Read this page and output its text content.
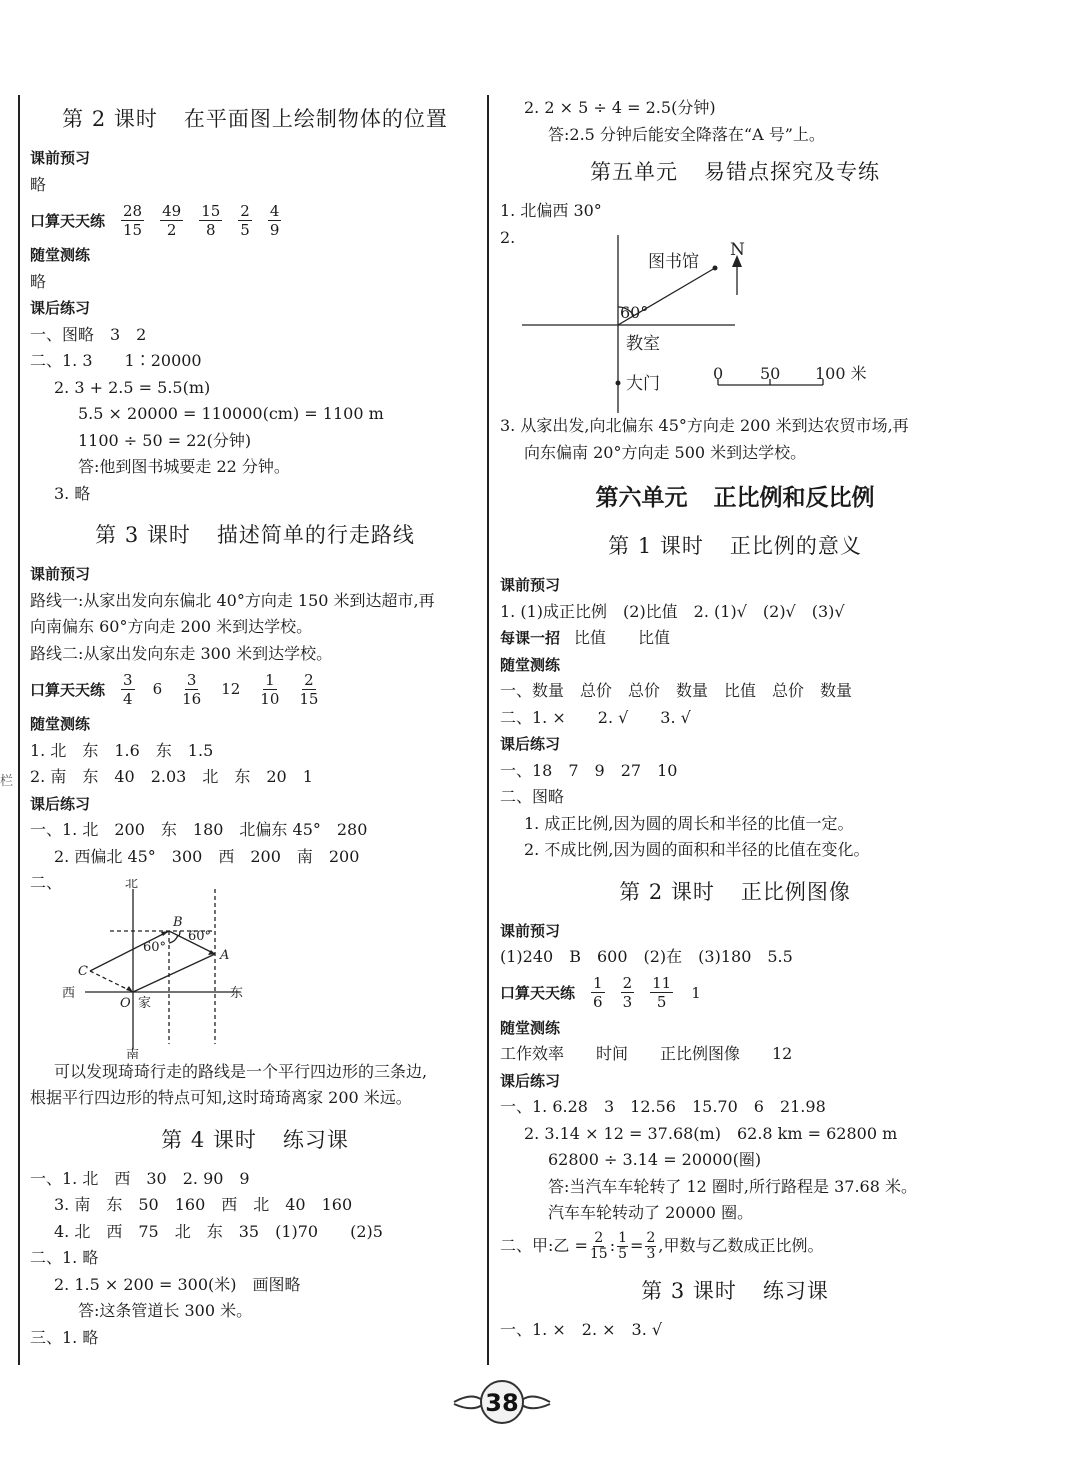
栏
第 2 课时 在平面图上绘制物体的位置
课前预习
略
口算天天练 $\frac{28}{15} \frac{49}{2} \frac{15}{8} \frac{2}{5} \frac{4}{9}$
随堂测练
略
课后练习
一、图略　3　2
二、1. 3　　1∶20000
2. 3 + 2.5 = 5.5(m)
5.5 × 20000 = 110000(cm) = 1100 m
1100 ÷ 50 = 22(分钟)
答:他到图书城要走 22 分钟。
3. 略
第 3 课时 描述简单的行走路线
课前预习
路线一:从家出发向东偏北 40°方向走 150 米到达超市,再
向南偏东 60°方向走 200 米到达学校。
路线二:从家出发向东走 300 米到达学校。
口算天天练 $\frac{3}{4} 6 \frac{3}{16} 12 \frac{1}{10} \frac{2}{15}$
随堂测练
1. 北　东　1.6　东　1.5
2. 南　东　40　2.03　北　东　20　1
课后练习
一、1. 北　200　东　180　北偏东 45°　280
2. 西偏北 45°　300　西　200　南　200
二、	北
南
西	东
B
A
C
O 家
60°
60°
可以发现琦琦行走的路线是一个平行四边形的三条边,
根据平行四边形的特点可知,这时琦琦离家 200 米远。
第 4 课时 练习课
一、1. 北　西　30　2. 90　9
3. 南　东　50　160　西　北　40　160
4. 北　西　75　北　东　35　(1)70　　(2)5
二、1. 略
2. 1.5 × 200 = 300(米)　画图略
答:这条管道长 300 米。
三、1. 略
2. 2 × 5 ÷ 4 = 2.5(分钟)
答:2.5 分钟后能安全降落在“A 号”上。
第五单元 易错点探究及专练
1. 北偏西 30°
2.
图书馆
N
60°
教室
大门
0 50 100 米
3. 从家出发,向北偏东 45°方向走 200 米到达农贸市场,再
向东偏南 20°方向走 500 米到达学校。
第六单元 正比例和反比例
第 1 课时 正比例的意义
课前预习
1. (1)成正比例　(2)比值　2. (1)√　(2)√　(3)√
每课一招 比值　　比值
随堂测练
一、数量　总价　总价　数量　比值　总价　数量
二、1. ×　　2. √　　3. √
课后练习
一、18　7　9　27　10
二、图略
1. 成正比例,因为圆的周长和半径的比值一定。
2. 不成比例,因为圆的面积和半径的比值在变化。
第 2 课时 正比例图像
课前预习
(1)240　B　600　(2)在　(3)180　5.5
口算天天练 $\frac{1}{6} \frac{2}{3} \frac{11}{5} 1$
随堂测练
工作效率　　时间　　正比例图像　　12
课后练习
一、1. 6.28　3　12.56　15.70　6　21.98
2. 3.14 × 12 = 37.68(m)　62.8 km = 62800 m
62800 ÷ 3.14 = 20000(圈)
答:当汽车车轮转了 12 圈时,所行路程是 37.68 米。
汽车车轮转动了 20000 圈。
二、甲:乙 = $\frac{2}{15}$ : $\frac{1}{5} = \frac{2}{3}$ ,甲数与乙数成正比例。
第 3 课时 练习课
一、1. ×　2. ×　3. √
38
